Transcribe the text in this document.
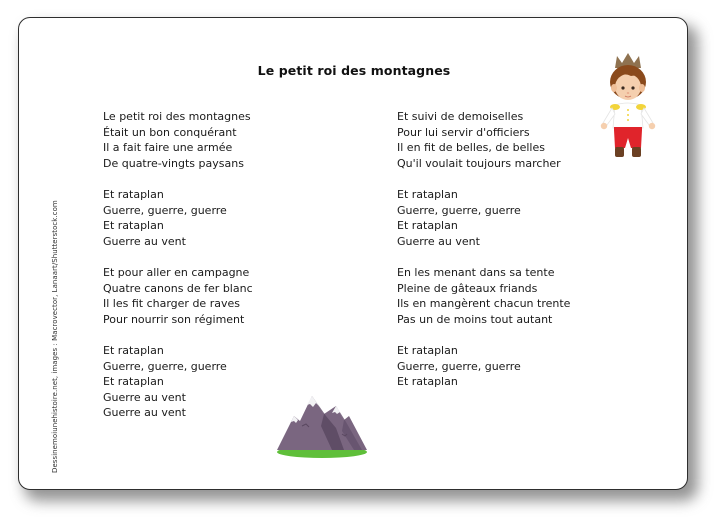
Le petit roi des montagnes
Le petit roi des montagnes
Était un bon conquérant
Il a fait faire une armée
De quatre-vingts paysans
Et rataplan
Guerre, guerre, guerre
Et rataplan
Guerre au vent
Et pour aller en campagne
Quatre canons de fer blanc
Il les fit charger de raves
Pour nourrir son régiment
Et rataplan
Guerre, guerre, guerre
Et rataplan
Guerre au vent
Guerre au vent
Et suivi de demoiselles
Pour lui servir d'officiers
Il en fit de belles, de belles
Qu'il voulait toujours marcher
Et rataplan
Guerre, guerre, guerre
Et rataplan
Guerre au vent
En les menant dans sa tente
Pleine de gâteaux friands
Ils en mangèrent chacun trente
Pas un de moins tout autant
Et rataplan
Guerre, guerre, guerre
Et rataplan
Dessinemoiunehistoire.net, images : Macrovector, Lanaart/Shutterstock.com
